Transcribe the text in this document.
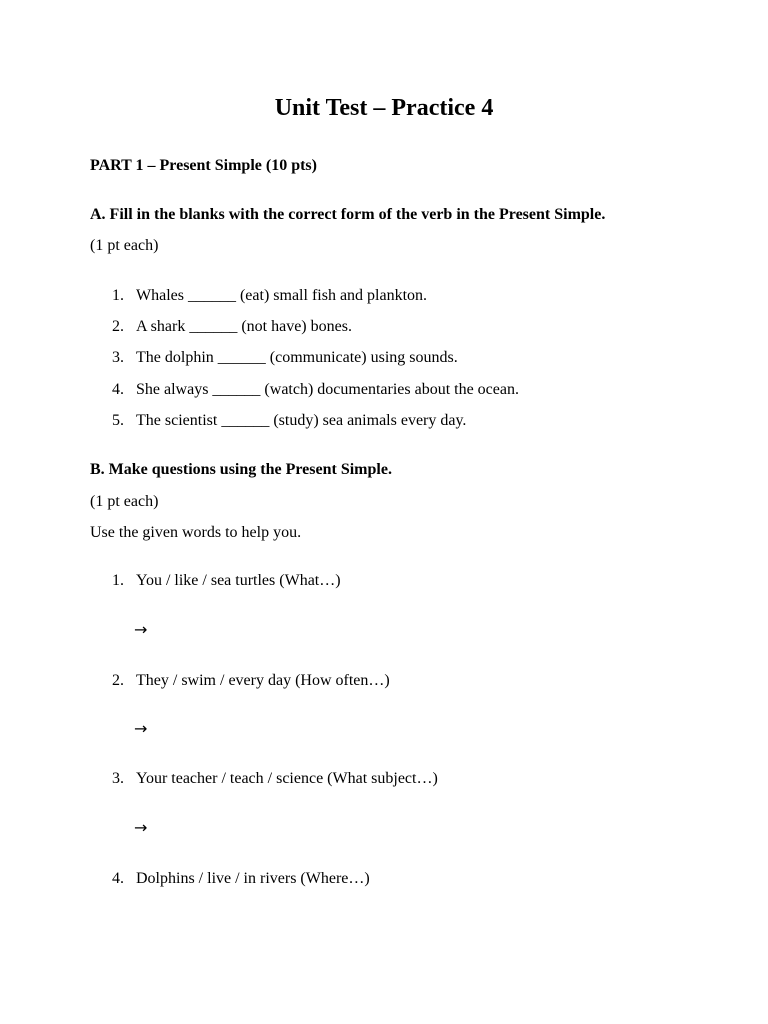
Unit Test – Practice 4
PART 1 – Present Simple (10 pts)
A. Fill in the blanks with the correct form of the verb in the Present Simple.
(1 pt each)
1. Whales ______ (eat) small fish and plankton.
2. A shark ______ (not have) bones.
3. The dolphin ______ (communicate) using sounds.
4. She always ______ (watch) documentaries about the ocean.
5. The scientist ______ (study) sea animals every day.
B. Make questions using the Present Simple.
(1 pt each)
Use the given words to help you.
1. You / like / sea turtles (What…)
→
2. They / swim / every day (How often…)
→
3. Your teacher / teach / science (What subject…)
→
4. Dolphins / live / in rivers (Where…)
